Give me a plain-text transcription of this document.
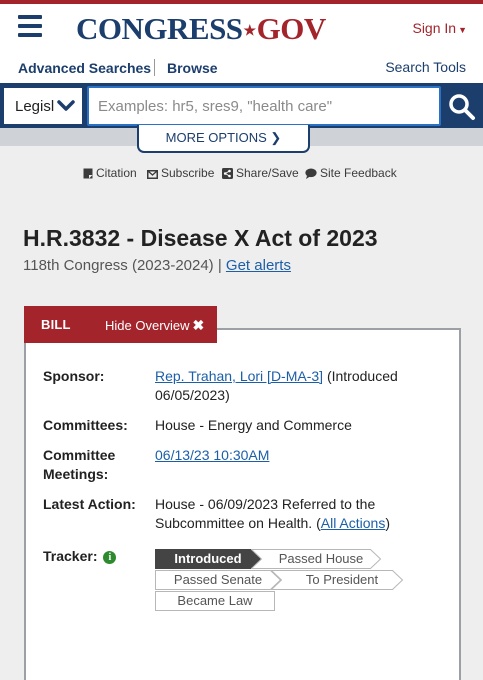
CONGRESS★GOV	Sign In ▼
Advanced Searches Browse	Search Tools
Legisl
Examples: hr5, sres9, "health care"
MORE OPTIONS ❯
Citation	Subscribe	Share/Save	Site Feedback
H.R.3832 - Disease X Act of 2023
118th Congress (2023-2024) | Get alerts
BILL	Hide Overview ✖
Sponsor:	Rep. Trahan, Lori [D-MA-3] (Introduced 06/05/2023)
Committees: House - Energy and Commerce
Committee
Meetings:
06/13/23 10:30AM
Latest Action: House - 06/09/2023 Referred to the Subcommittee on Health. (All Actions)
Tracker: i	Introduced	Passed House
Passed Senate	To President
Became Law
